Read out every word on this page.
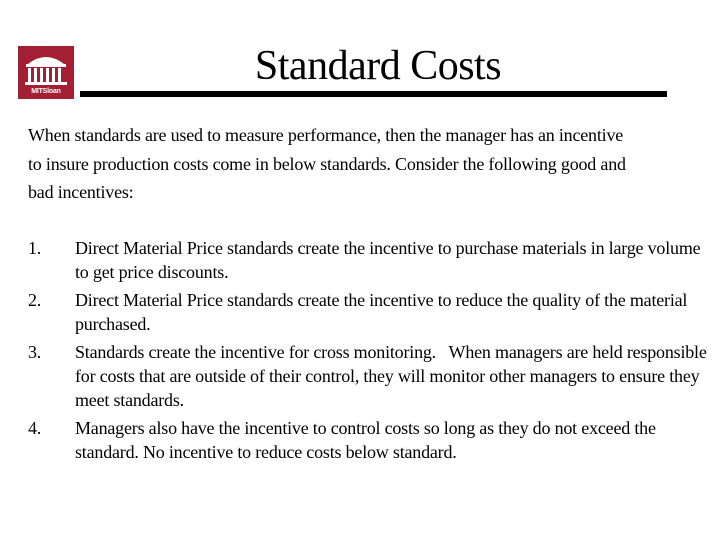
MITSloan
Standard Costs

When standards are used to measure performance, then the manager has an incentive to insure production costs come in below standards. Consider the following good and bad incentives:

1. Direct Material Price standards create the incentive to purchase materials in large volume to get price discounts.
2. Direct Material Price standards create the incentive to reduce the quality of the material purchased.
3. Standards create the incentive for cross monitoring.   When managers are held responsible for costs that are outside of their control, they will monitor other managers to ensure they meet standards.
4. Managers also have the incentive to control costs so long as they do not exceed the standard. No incentive to reduce costs below standard.
